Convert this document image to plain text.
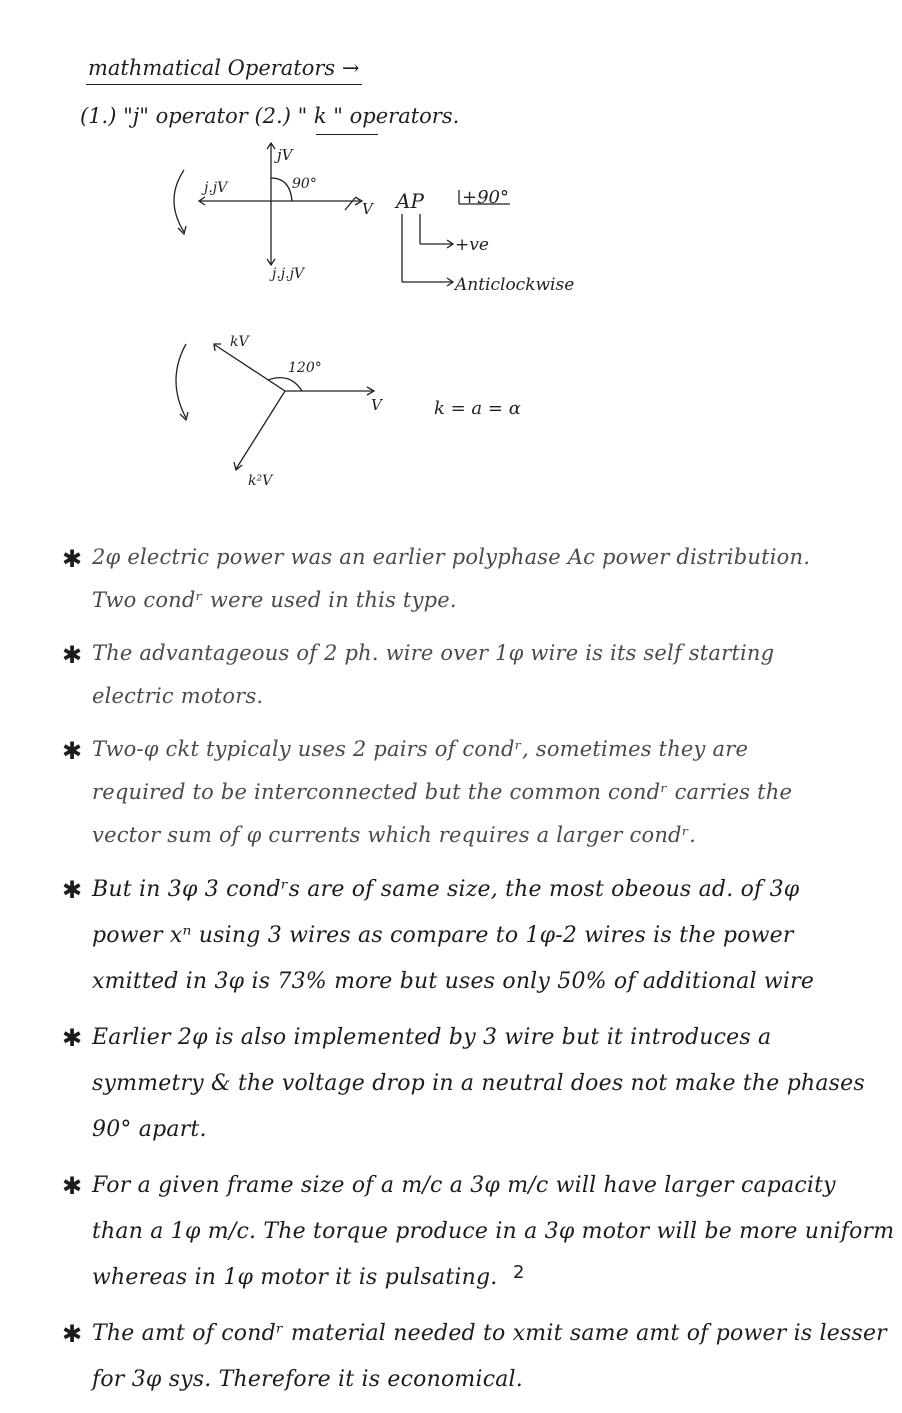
mathmatical Operators →
(1.) "j" operator (2.) " k " operators.
jV
j.jV
j.j.jV
90°
V AP +90°
+ve
Anticlockwise
kV
k²V
120°
V	k = a = α
✱ 2φ electric power was an earlier polyphase Ac power distribution.
Two condʳ were used in this type.
✱ The advantageous of 2 ph. wire over 1φ wire is its self starting
electric motors.
✱ Two-φ ckt typicaly uses 2 pairs of condʳ, sometimes they are
required to be interconnected but the common condʳ carries the
vector sum of φ currents which requires a larger condʳ.
✱ But in 3φ 3 condʳs are of same size, the most obeous ad. of 3φ
power xⁿ using 3 wires as compare to 1φ-2 wires is the power
xmitted in 3φ is 73% more but uses only 50% of additional wire
✱ Earlier 2φ is also implemented by 3 wire but it introduces a
symmetry & the voltage drop in a neutral does not make the phases
90° apart.
✱ For a given frame size of a m/c a 3φ m/c will have larger capacity
than a 1φ m/c. The torque produce in a 3φ motor will be more uniform
whereas in 1φ motor it is pulsating.
✱ The amt of condʳ material needed to xmit same amt of power is lesser
for 3φ sys. Therefore it is economical.
2
